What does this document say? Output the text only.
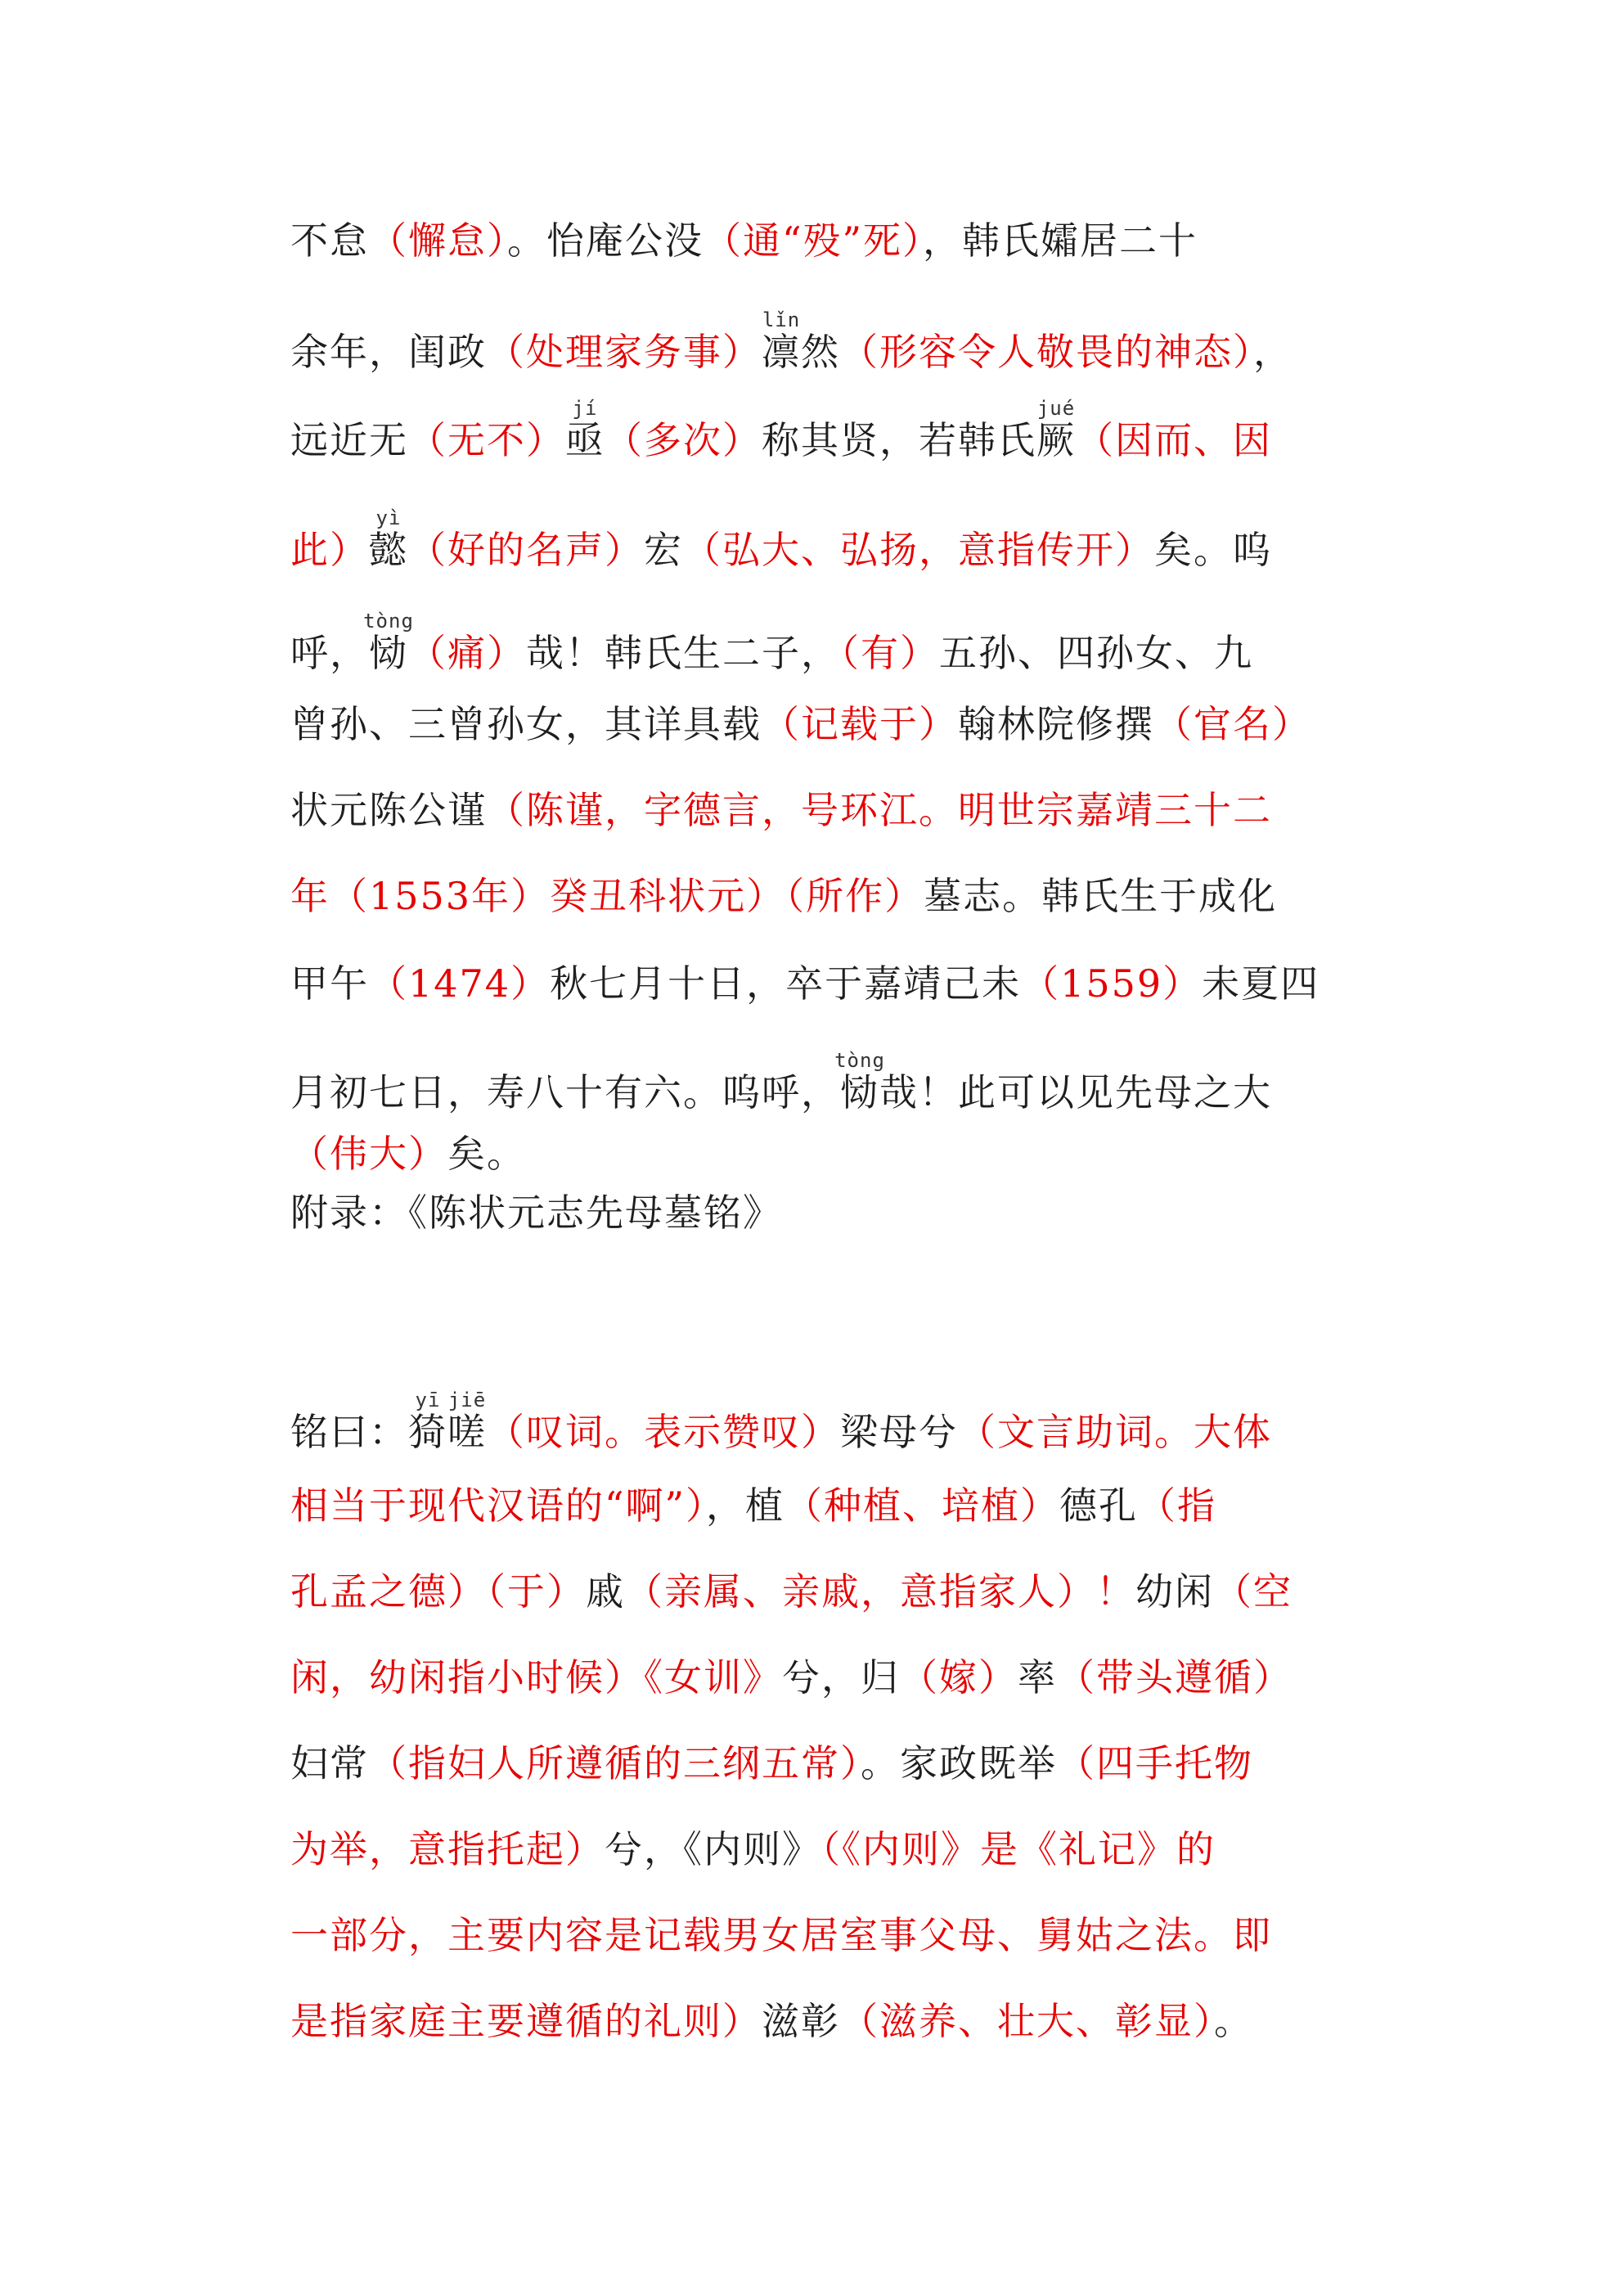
不怠（懈怠）。怡庵公没（通“殁”死），韩氏孀居二十
余年，闺政（处理家务事）凛lǐn然（形容令人敬畏的神态），
远近无（无不）亟jí（多次）称其贤，若韩氏厥jué（因而、因
此）懿yì（好的名声）宏（弘大、弘扬，意指传开）矣。呜
呼，恸tòng（痛）哉！韩氏生二子，（有）五孙、四孙女、九
曾孙、三曾孙女，其详具载（记载于）翰林院修撰（官名）
状元陈公谨（陈谨，字德言，号环江。明世宗嘉靖三十二
年（1553年）癸丑科状元）（所作）墓志。韩氏生于成化
甲午（1474）秋七月十日，卒于嘉靖己未（1559）未夏四
月初七日，寿八十有六。呜呼，恸tòng哉！此可以见先母之大
（伟大）矣。
附录：《陈状元志先母墓铭》
铭曰：猗yī嗟jiē（叹词。表示赞叹）梁母兮（文言助词。大体
相当于现代汉语的“啊”），植（种植、培植）德孔（指
孔孟之德）（于）戚（亲属、亲戚，意指家人）！幼闲（空
闲，幼闲指小时候）《女训》兮，归（嫁）率（带头遵循）
妇常（指妇人所遵循的三纲五常）。家政既举（四手托物
为举，意指托起）兮，《内则》（《内则》是《礼记》的
一部分，主要内容是记载男女居室事父母、舅姑之法。即
是指家庭主要遵循的礼则）滋彰（滋养、壮大、彰显）。
